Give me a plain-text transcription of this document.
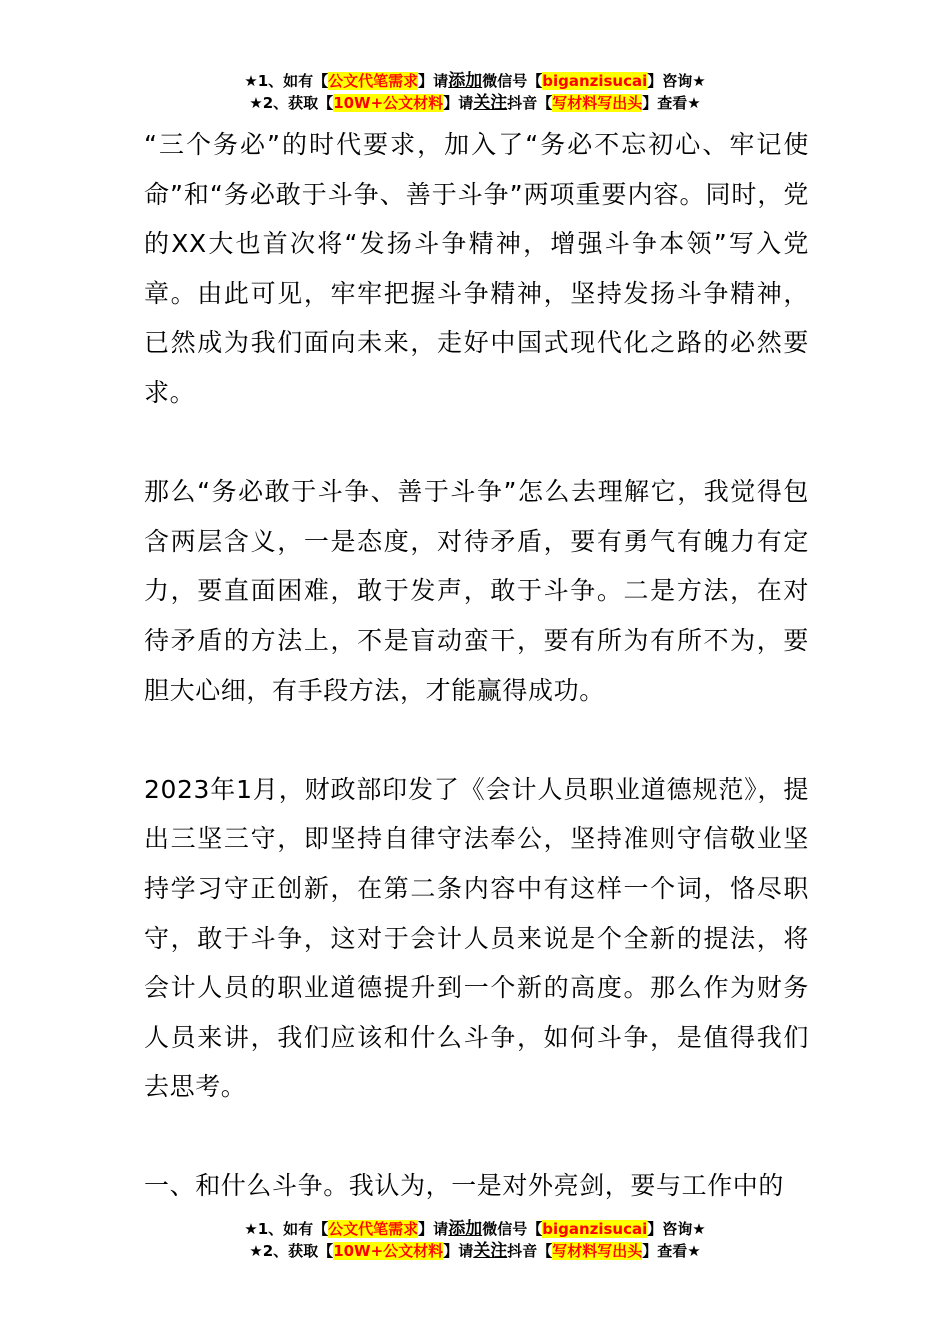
★1、如有【公文代笔需求】请添加微信号【biganzisucai】咨询★
★2、获取【10W+公文材料】请关注抖音【写材料写出头】查看★

“三个务必”的时代要求，加入了“务必不忘初心、牢记使命”和“务必敢于斗争、善于斗争”两项重要内容。同时，党的XX大也首次将“发扬斗争精神，增强斗争本领”写入党章。由此可见，牢牢把握斗争精神，坚持发扬斗争精神，已然成为我们面向未来，走好中国式现代化之路的必然要求。

那么“务必敢于斗争、善于斗争”怎么去理解它，我觉得包含两层含义，一是态度，对待矛盾，要有勇气有魄力有定力，要直面困难，敢于发声，敢于斗争。二是方法，在对待矛盾的方法上，不是盲动蛮干，要有所为有所不为，要胆大心细，有手段方法，才能赢得成功。

2023年1月，财政部印发了《会计人员职业道德规范》，提出三坚三守，即坚持自律守法奉公，坚持准则守信敬业坚持学习守正创新，在第二条内容中有这样一个词，恪尽职守，敢于斗争，这对于会计人员来说是个全新的提法，将会计人员的职业道德提升到一个新的高度。那么作为财务人员来讲，我们应该和什么斗争，如何斗争，是值得我们去思考。

一、和什么斗争。我认为，一是对外亮剑，要与工作中的

★1、如有【公文代笔需求】请添加微信号【biganzisucai】咨询★
★2、获取【10W+公文材料】请关注抖音【写材料写出头】查看★
